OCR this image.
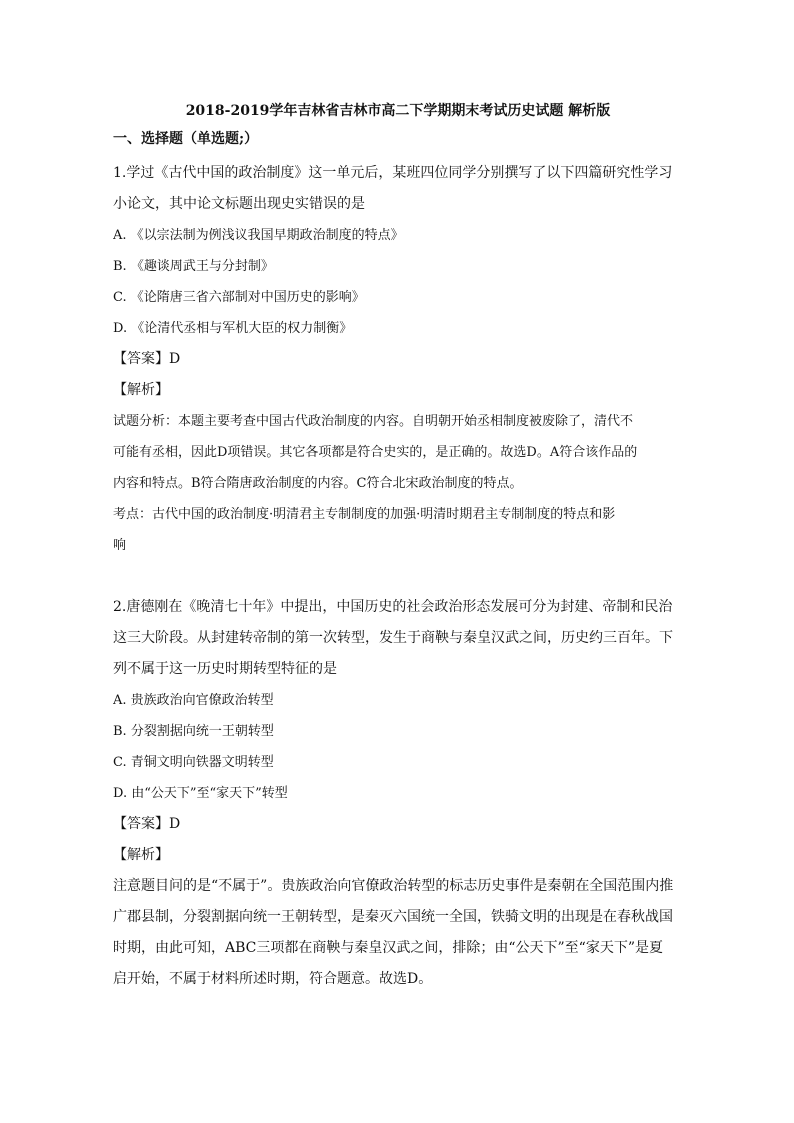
2018-2019学年吉林省吉林市高二下学期期末考试历史试题 解析版
一、选择题（单选题;）
1.学过《古代中国的政治制度》这一单元后，某班四位同学分别撰写了以下四篇研究性学习
小论文，其中论文标题出现史实错误的是
A. 《以宗法制为例浅议我国早期政治制度的特点》
B. 《趣谈周武王与分封制》
C. 《论隋唐三省六部制对中国历史的影响》
D. 《论清代丞相与军机大臣的权力制衡》
【答案】D
【解析】
试题分析：本题主要考查中国古代政治制度的内容。自明朝开始丞相制度被废除了，清代不
可能有丞相，因此D项错误。其它各项都是符合史实的，是正确的。故选D。A符合该作品的
内容和特点。B符合隋唐政治制度的内容。C符合北宋政治制度的特点。
考点：古代中国的政治制度·明清君主专制制度的加强·明清时期君主专制制度的特点和影
响
2.唐德刚在《晚清七十年》中提出，中国历史的社会政治形态发展可分为封建、帝制和民治
这三大阶段。从封建转帝制的第一次转型，发生于商鞅与秦皇汉武之间，历史约三百年。下
列不属于这一历史时期转型特征的是
A. 贵族政治向官僚政治转型
B. 分裂割据向统一王朝转型
C. 青铜文明向铁器文明转型
D. 由“公天下”至“家天下”转型
【答案】D
【解析】
注意题目问的是“不属于”。贵族政治向官僚政治转型的标志历史事件是秦朝在全国范围内推
广郡县制，分裂割据向统一王朝转型，是秦灭六国统一全国，铁骑文明的出现是在春秋战国
时期，由此可知，ABC三项都在商鞅与秦皇汉武之间，排除；由“公天下”至“家天下”是夏
启开始，不属于材料所述时期，符合题意。故选D。
